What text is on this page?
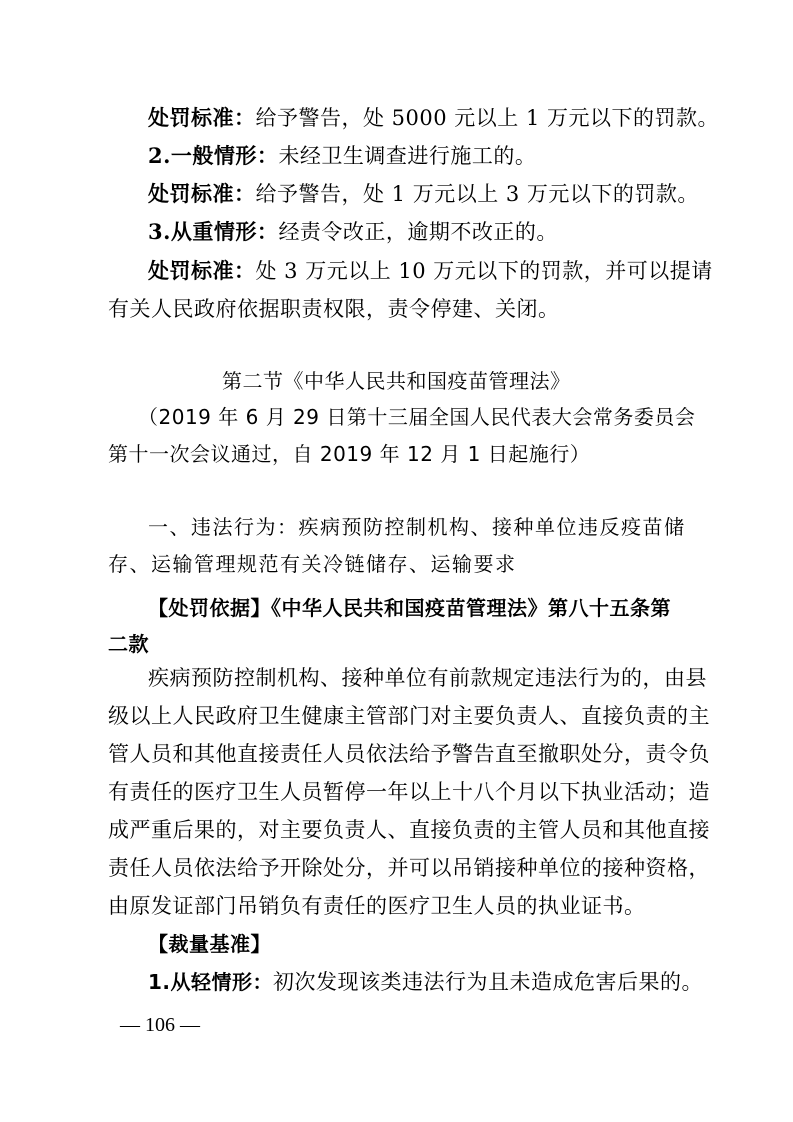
处罚标准：给予警告，处 5000 元以上 1 万元以下的罚款。
2.一般情形：未经卫生调查进行施工的。
处罚标准：给予警告，处 1 万元以上 3 万元以下的罚款。
3.从重情形：经责令改正，逾期不改正的。
处罚标准：处 3 万元以上 10 万元以下的罚款，并可以提请
有关人民政府依据职责权限，责令停建、关闭。
第二节《中华人民共和国疫苗管理法》
（2019 年 6 月 29 日第十三届全国人民代表大会常务委员会
第十一次会议通过，自 2019 年 12 月 1 日起施行）
一、违法行为：疾病预防控制机构、接种单位违反疫苗储
存、运输管理规范有关冷链储存、运输要求
【处罚依据】《中华人民共和国疫苗管理法》第八十五条第
二款
疾病预防控制机构、接种单位有前款规定违法行为的，由县
级以上人民政府卫生健康主管部门对主要负责人、直接负责的主
管人员和其他直接责任人员依法给予警告直至撤职处分，责令负
有责任的医疗卫生人员暂停一年以上十八个月以下执业活动；造
成严重后果的，对主要负责人、直接负责的主管人员和其他直接
责任人员依法给予开除处分，并可以吊销接种单位的接种资格，
由原发证部门吊销负有责任的医疗卫生人员的执业证书。
【裁量基准】
1.从轻情形：初次发现该类违法行为且未造成危害后果的。
— 106 —
